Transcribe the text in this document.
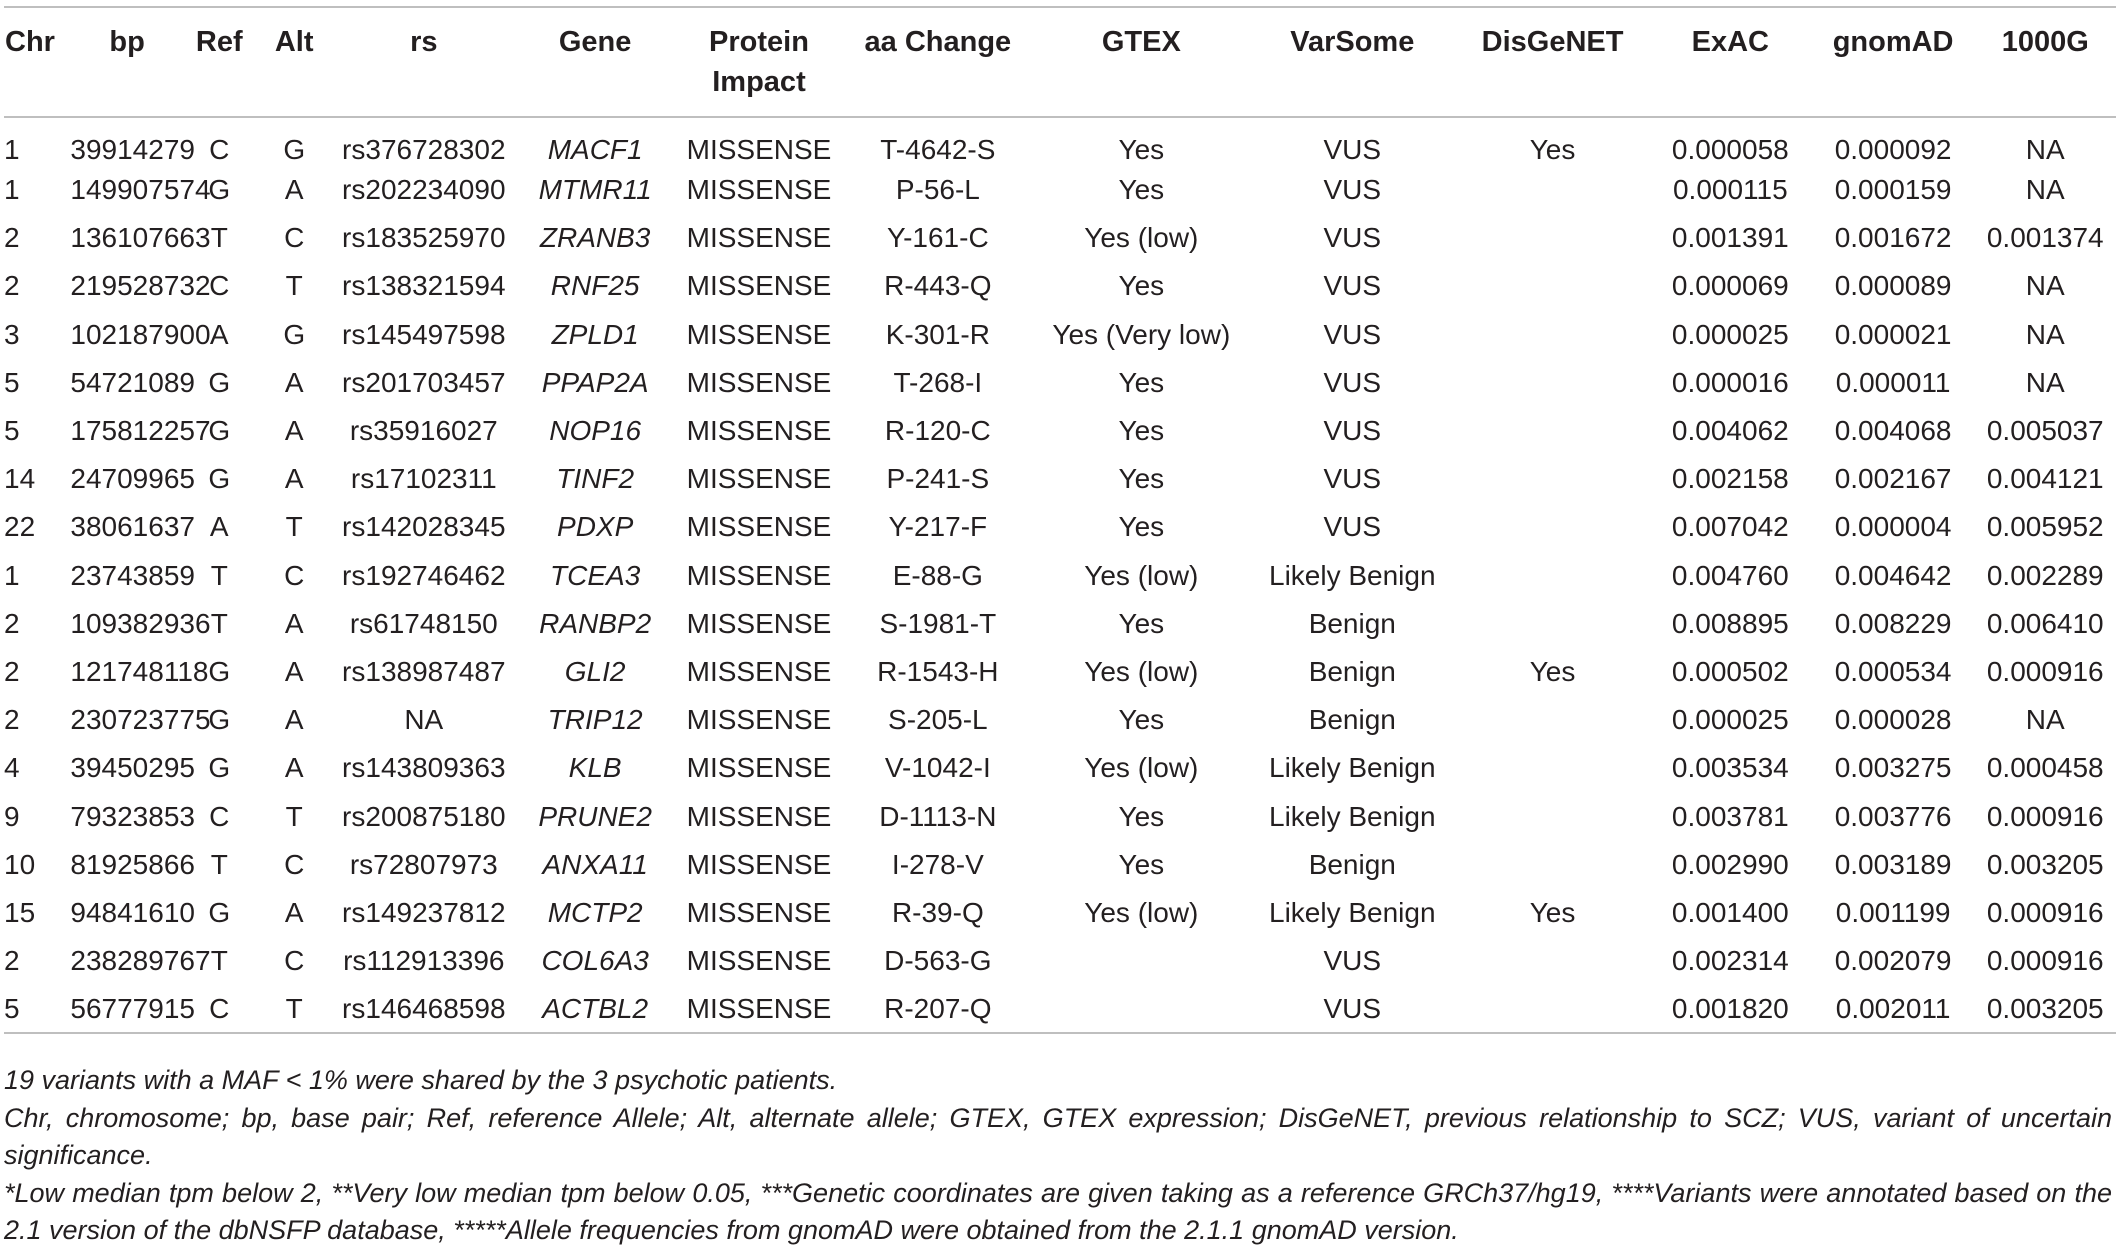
Chr	bp	Ref	Alt	rs	Gene	Protein Impact	aa Change	GTEX	VarSome	DisGeNET	ExAC	gnomAD	1000G
1	39914279	C	G	rs376728302	MACF1	MISSENSE	T-4642-S	Yes	VUS	Yes	0.000058	0.000092	NA
1	149907574	G	A	rs202234090	MTMR11	MISSENSE	P-56-L	Yes	VUS		0.000115	0.000159	NA
2	136107663	T	C	rs183525970	ZRANB3	MISSENSE	Y-161-C	Yes (low)	VUS		0.001391	0.001672	0.001374
2	219528732	C	T	rs138321594	RNF25	MISSENSE	R-443-Q	Yes	VUS		0.000069	0.000089	NA
3	102187900	A	G	rs145497598	ZPLD1	MISSENSE	K-301-R	Yes (Very low)	VUS		0.000025	0.000021	NA
5	54721089	G	A	rs201703457	PPAP2A	MISSENSE	T-268-I	Yes	VUS		0.000016	0.000011	NA
5	175812257	G	A	rs35916027	NOP16	MISSENSE	R-120-C	Yes	VUS		0.004062	0.004068	0.005037
14	24709965	G	A	rs17102311	TINF2	MISSENSE	P-241-S	Yes	VUS		0.002158	0.002167	0.004121
22	38061637	A	T	rs142028345	PDXP	MISSENSE	Y-217-F	Yes	VUS		0.007042	0.000004	0.005952
1	23743859	T	C	rs192746462	TCEA3	MISSENSE	E-88-G	Yes (low)	Likely Benign		0.004760	0.004642	0.002289
2	109382936	T	A	rs61748150	RANBP2	MISSENSE	S-1981-T	Yes	Benign		0.008895	0.008229	0.006410
2	121748118	G	A	rs138987487	GLI2	MISSENSE	R-1543-H	Yes (low)	Benign	Yes	0.000502	0.000534	0.000916
2	230723775	G	A	NA	TRIP12	MISSENSE	S-205-L	Yes	Benign		0.000025	0.000028	NA
4	39450295	G	A	rs143809363	KLB	MISSENSE	V-1042-I	Yes (low)	Likely Benign		0.003534	0.003275	0.000458
9	79323853	C	T	rs200875180	PRUNE2	MISSENSE	D-1113-N	Yes	Likely Benign		0.003781	0.003776	0.000916
10	81925866	T	C	rs72807973	ANXA11	MISSENSE	I-278-V	Yes	Benign		0.002990	0.003189	0.003205
15	94841610	G	A	rs149237812	MCTP2	MISSENSE	R-39-Q	Yes (low)	Likely Benign	Yes	0.001400	0.001199	0.000916
2	238289767	T	C	rs112913396	COL6A3	MISSENSE	D-563-G		VUS		0.002314	0.002079	0.000916
5	56777915	C	T	rs146468598	ACTBL2	MISSENSE	R-207-Q		VUS		0.001820	0.002011	0.003205

19 variants with a MAF < 1% were shared by the 3 psychotic patients.

Chr, chromosome; bp, base pair; Ref, reference Allele; Alt, alternate allele; GTEX, GTEX expression; DisGeNET, previous relationship to SCZ; VUS, variant of uncertain significance.

*Low median tpm below 2, **Very low median tpm below 0.05, ***Genetic coordinates are given taking as a reference GRCh37/hg19, ****Variants were annotated based on the 2.1 version of the dbNSFP database, *****Allele frequencies from gnomAD were obtained from the 2.1.1 gnomAD version.
